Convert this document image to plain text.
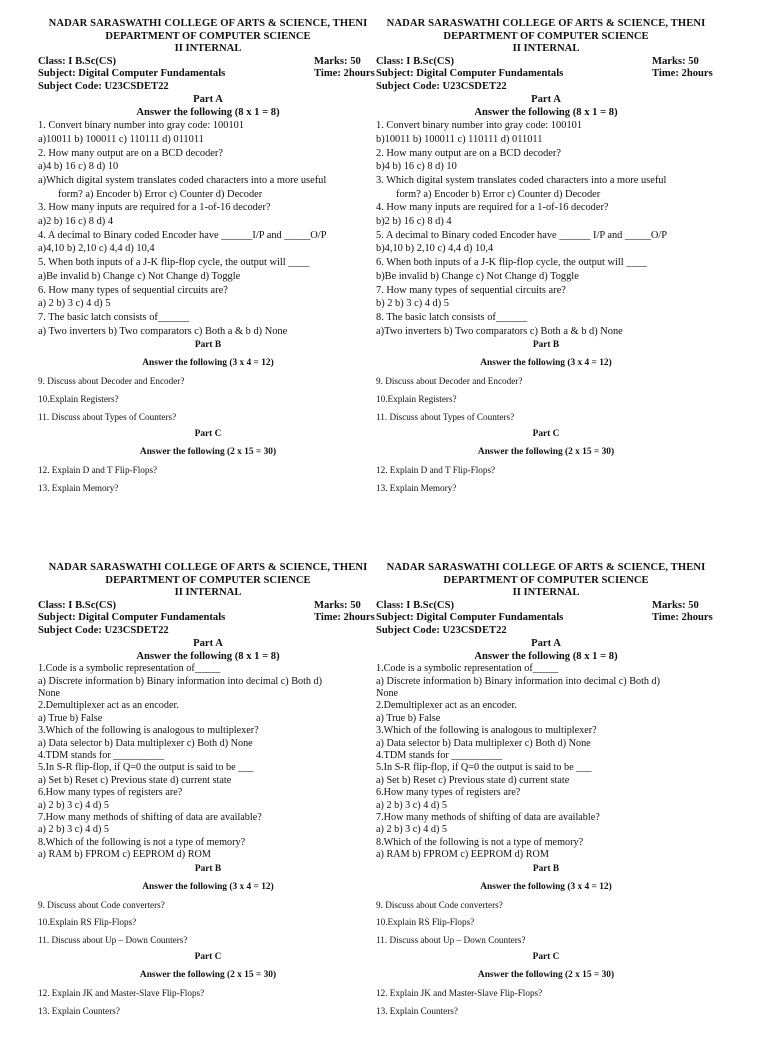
NADAR SARASWATHI COLLEGE OF ARTS & SCIENCE, THENI
DEPARTMENT OF COMPUTER SCIENCE
II INTERNAL
Class: I B.Sc(CS)	Marks: 50
Subject: Digital Computer Fundamentals	Time: 2hours
Subject Code: U23CSDET22
Part A
Answer the following (8 x 1 = 8)
1. Convert binary number into gray code: 100101
a)10011 b) 100011 c) 110111 d) 011011
2. How many output are on a BCD decoder?
a)4 b) 16 c) 8 d) 10
a)Which digital system translates coded characters into a more useful
form? a) Encoder b) Error c) Counter d) Decoder
3. How many inputs are required for a 1-of-16 decoder?
a)2 b) 16 c) 8 d) 4
4. A decimal to Binary coded Encoder have ______I/P and _____O/P
a)4,10 b) 2,10 c) 4,4 d) 10,4
5. When both inputs of a J-K flip-flop cycle, the output will ____
a)Be invalid b) Change c) Not Change d) Toggle
6. How many types of sequential circuits are?
a) 2 b) 3 c) 4 d) 5
7. The basic latch consists of______
a) Two inverters b) Two comparators c) Both a & b d) None
Part B
Answer the following (3 x 4 = 12)
9. Discuss about Decoder and Encoder?
10.Explain Registers?
11. Discuss about Types of Counters?
Part C
Answer the following (2 x 15 = 30)
12. Explain D and T Flip-Flops?
13. Explain Memory?
NADAR SARASWATHI COLLEGE OF ARTS & SCIENCE, THENI
DEPARTMENT OF COMPUTER SCIENCE
II INTERNAL
Class: I B.Sc(CS)	Marks: 50
Subject: Digital Computer Fundamentals	Time: 2hours
Subject Code: U23CSDET22
Part A
Answer the following (8 x 1 = 8)
1. Convert binary number into gray code: 100101
b)10011 b) 100011 c) 110111 d) 011011
2. How many output are on a BCD decoder?
b)4 b) 16 c) 8 d) 10
3. Which digital system translates coded characters into a more useful
form? a) Encoder b) Error c) Counter d) Decoder
4. How many inputs are required for a 1-of-16 decoder?
b)2 b) 16 c) 8 d) 4
5. A decimal to Binary coded Encoder have ______ I/P and _____O/P
b)4,10 b) 2,10 c) 4,4 d) 10,4
6. When both inputs of a J-K flip-flop cycle, the output will ____
b)Be invalid b) Change c) Not Change d) Toggle
7. How many types of sequential circuits are?
b) 2 b) 3 c) 4 d) 5
8. The basic latch consists of______
a)Two inverters b) Two comparators c) Both a & b d) None
Part B
Answer the following (3 x 4 = 12)
9. Discuss about Decoder and Encoder?
10.Explain Registers?
11. Discuss about Types of Counters?
Part C
Answer the following (2 x 15 = 30)
12. Explain D and T Flip-Flops?
13. Explain Memory?
NADAR SARASWATHI COLLEGE OF ARTS & SCIENCE, THENI
DEPARTMENT OF COMPUTER SCIENCE
II INTERNAL
Class: I B.Sc(CS)	Marks: 50
Subject: Digital Computer Fundamentals	Time: 2hours
Subject Code: U23CSDET22
Part A
Answer the following (8 x 1 = 8)
1.Code is a symbolic representation of_____
a) Discrete information b) Binary information into decimal c) Both d)
None
2.Demultiplexer act as an encoder.
a) True b) False
3.Which of the following is analogous to multiplexer?
a) Data selector b) Data multiplexer c) Both d) None
4.TDM stands for __________
5.In S-R flip-flop, if Q=0 the output is said to be ___
a) Set b) Reset c) Previous state d) current state
6.How many types of registers are?
a) 2 b) 3 c) 4 d) 5
7.How many methods of shifting of data are available?
a) 2 b) 3 c) 4 d) 5
8.Which of the following is not a type of memory?
a) RAM b) FPROM c) EEPROM d) ROM
Part B
Answer the following (3 x 4 = 12)
9. Discuss about Code converters?
10.Explain RS Flip-Flops?
11. Discuss about Up – Down Counters?
Part C
Answer the following (2 x 15 = 30)
12. Explain JK and Master-Slave Flip-Flops?
13. Explain Counters?
NADAR SARASWATHI COLLEGE OF ARTS & SCIENCE, THENI
DEPARTMENT OF COMPUTER SCIENCE
II INTERNAL
Class: I B.Sc(CS)	Marks: 50
Subject: Digital Computer Fundamentals	Time: 2hours
Subject Code: U23CSDET22
Part A
Answer the following (8 x 1 = 8)
1.Code is a symbolic representation of_____
a) Discrete information b) Binary information into decimal c) Both d)
None
2.Demultiplexer act as an encoder.
a) True b) False
3.Which of the following is analogous to multiplexer?
a) Data selector b) Data multiplexer c) Both d) None
4.TDM stands for __________
5.In S-R flip-flop, if Q=0 the output is said to be ___
a) Set b) Reset c) Previous state d) current state
6.How many types of registers are?
a) 2 b) 3 c) 4 d) 5
7.How many methods of shifting of data are available?
a) 2 b) 3 c) 4 d) 5
8.Which of the following is not a type of memory?
a) RAM b) FPROM c) EEPROM d) ROM
Part B
Answer the following (3 x 4 = 12)
9. Discuss about Code converters?
10.Explain RS Flip-Flops?
11. Discuss about Up – Down Counters?
Part C
Answer the following (2 x 15 = 30)
12. Explain JK and Master-Slave Flip-Flops?
13. Explain Counters?
